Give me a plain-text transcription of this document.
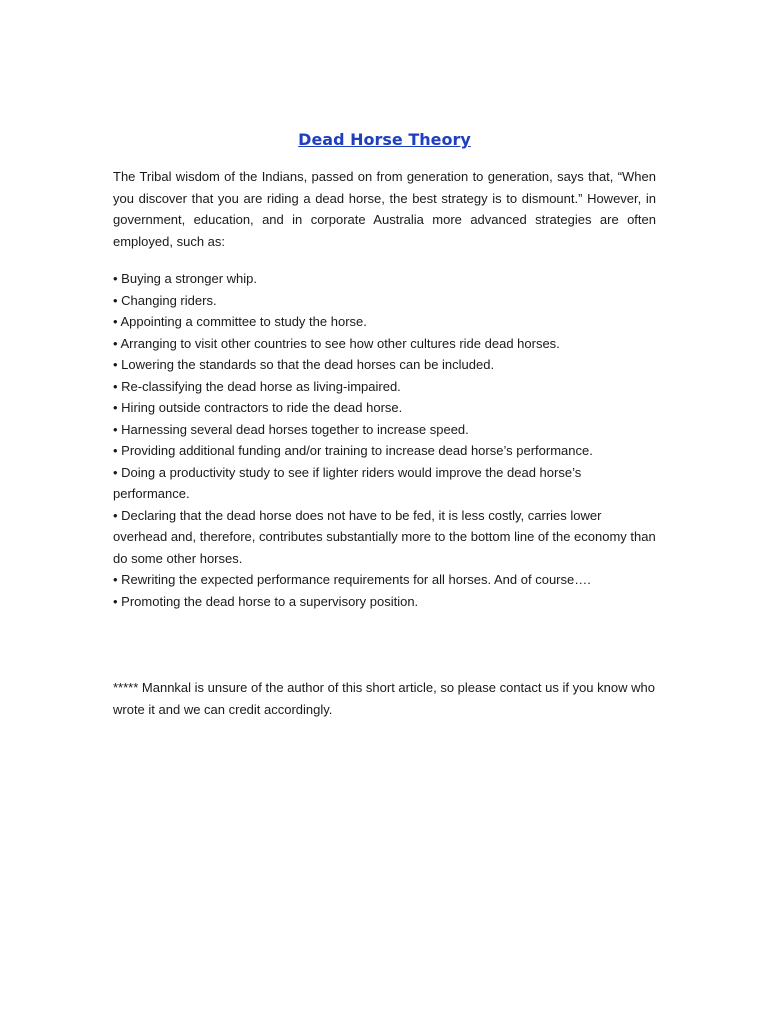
Dead Horse Theory

The Tribal wisdom of the Indians, passed on from generation to generation, says that, “When you discover that you are riding a dead horse, the best strategy is to dismount.” However, in government, education, and in corporate Australia more advanced strategies are often employed, such as:

• Buying a stronger whip.
• Changing riders.
• Appointing a committee to study the horse.
• Arranging to visit other countries to see how other cultures ride dead horses.
• Lowering the standards so that the dead horses can be included.
• Re-classifying the dead horse as living-impaired.
• Hiring outside contractors to ride the dead horse.
• Harnessing several dead horses together to increase speed.
• Providing additional funding and/or training to increase dead horse’s performance.
• Doing a productivity study to see if lighter riders would improve the dead horse’s performance.
• Declaring that the dead horse does not have to be fed, it is less costly, carries lower overhead and, therefore, contributes substantially more to the bottom line of the economy than do some other horses.
• Rewriting the expected performance requirements for all horses. And of course….
• Promoting the dead horse to a supervisory position.

***** Mannkal is unsure of the author of this short article, so please contact us if you know who wrote it and we can credit accordingly.
